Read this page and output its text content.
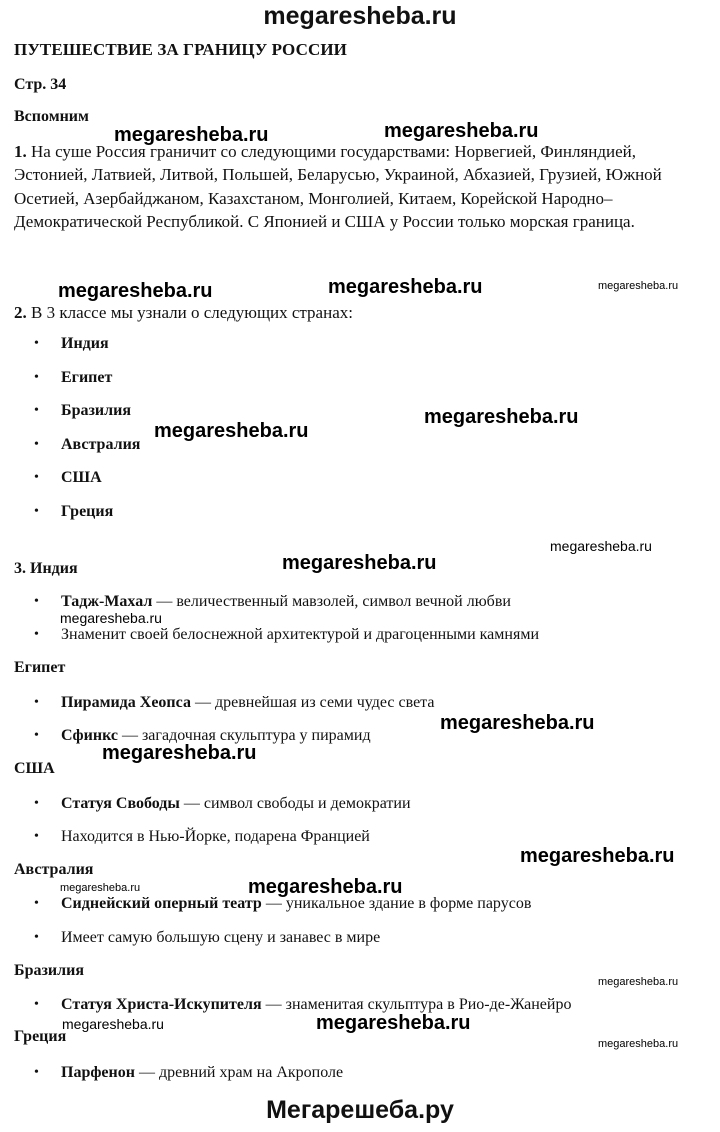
megaresheba.ru
Мегарешеба.ру
ПУТЕШЕСТВИЕ ЗА ГРАНИЦУ РОССИИ
Стр. 34
Вспомним
1. На суше Россия граничит со следующими государствами: Норвегией, Финляндией, Эстонией, Латвией, Литвой, Польшей, Беларусью, Украиной, Абхазией, Грузией, Южной Осетией, Азербайджаном, Казахстаном, Монголией, Китаем, Корейской Народно–Демократической Республикой. С Японией и США у России только морская граница.
2. В 3 классе мы узнали о следующих странах:
• Индия
• Египет
• Бразилия
• Австралия
• США
• Греция
3. Индия
• Тадж-Махал — величественный мавзолей, символ вечной любви
• Знаменит своей белоснежной архитектурой и драгоценными камнями
Египет
• Пирамида Хеопса — древнейшая из семи чудес света
• Сфинкс — загадочная скульптура у пирамид
США
• Статуя Свободы — символ свободы и демократии
• Находится в Нью-Йорке, подарена Францией
Австралия
• Сиднейский оперный театр — уникальное здание в форме парусов
• Имеет самую большую сцену и занавес в мире
Бразилия
• Статуя Христа-Искупителя — знаменитая скульптура в Рио-де-Жанейро
Греция
• Парфенон — древний храм на Акрополе
megaresheba.ru	megaresheba.ru
megaresheba.ru	megaresheba.ru	megaresheba.ru
megaresheba.ru
megaresheba.ru
megaresheba.ru
megaresheba.ru
megaresheba.ru
megaresheba.ru
megaresheba.ru
megaresheba.ru
megaresheba.ru
megaresheba.ru
megaresheba.ru
megaresheba.ru	megaresheba.ru
megaresheba.ru
